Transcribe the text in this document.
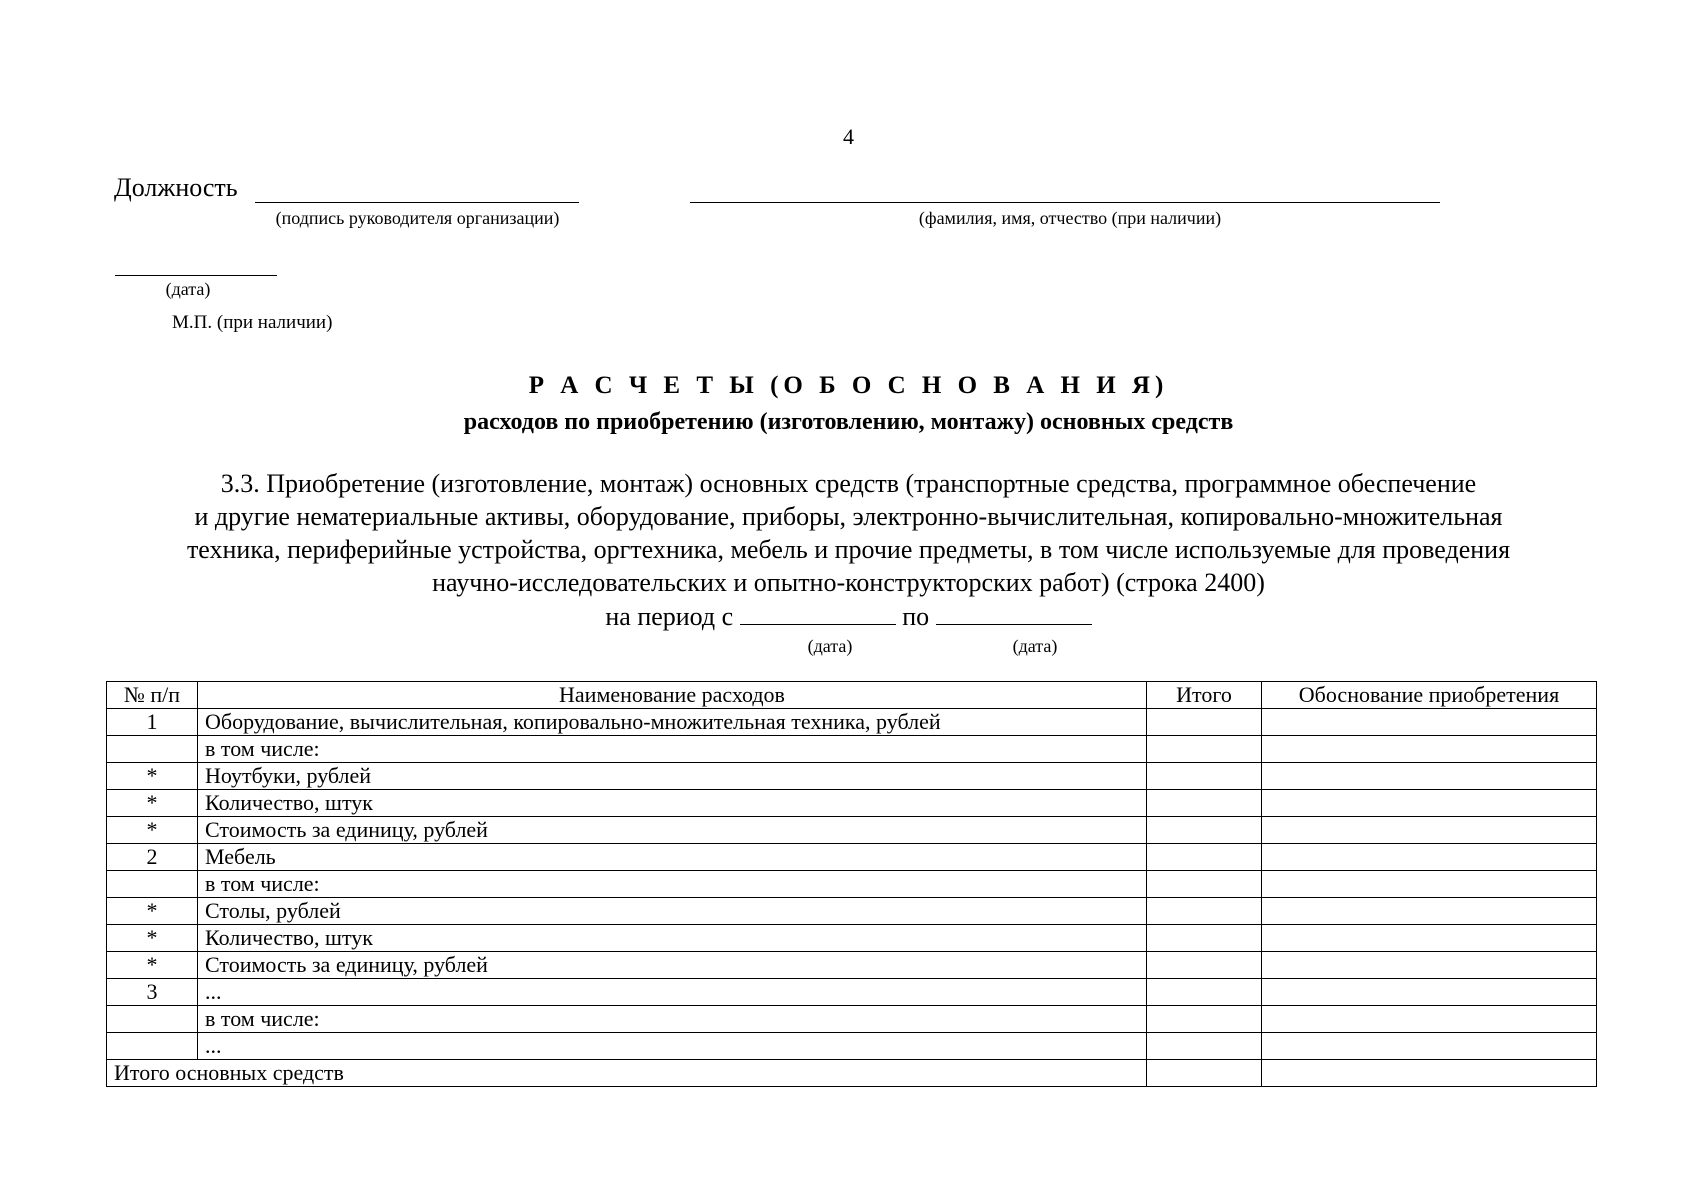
4
Должность
(подпись руководителя организации)	(фамилия, имя, отчество (при наличии)
(дата)
М.П. (при наличии)
Р А С Ч Е Т Ы (О Б О С Н О В А Н И Я)
расходов по приобретению (изготовлению, монтажу) основных средств

3.3. Приобретение (изготовление, монтаж) основных средств (транспортные средства, программное обеспечение

и другие нематериальные активы, оборудование, приборы, электронно-вычислительная, копировально-множительная

техника, периферийные устройства, оргтехника, мебель и прочие предметы, в том числе используемые для проведения

научно-исследовательских и опытно-конструкторских работ) (строка 2400)

на период с	по
(дата)	(дата)
№ п/п	Наименование расходов	Итого	Обоснование приобретения
1	Оборудование, вычислительная, копировально-множительная техника, рублей		
	в том числе:		
*	Ноутбуки, рублей		
*	Количество, штук		
*	Стоимость за единицу, рублей		
2	Мебель		
	в том числе:		
*	Столы, рублей		
*	Количество, штук		
*	Стоимость за единицу, рублей		
3	...		
	в том числе:		
	...		
Итого основных средств			
